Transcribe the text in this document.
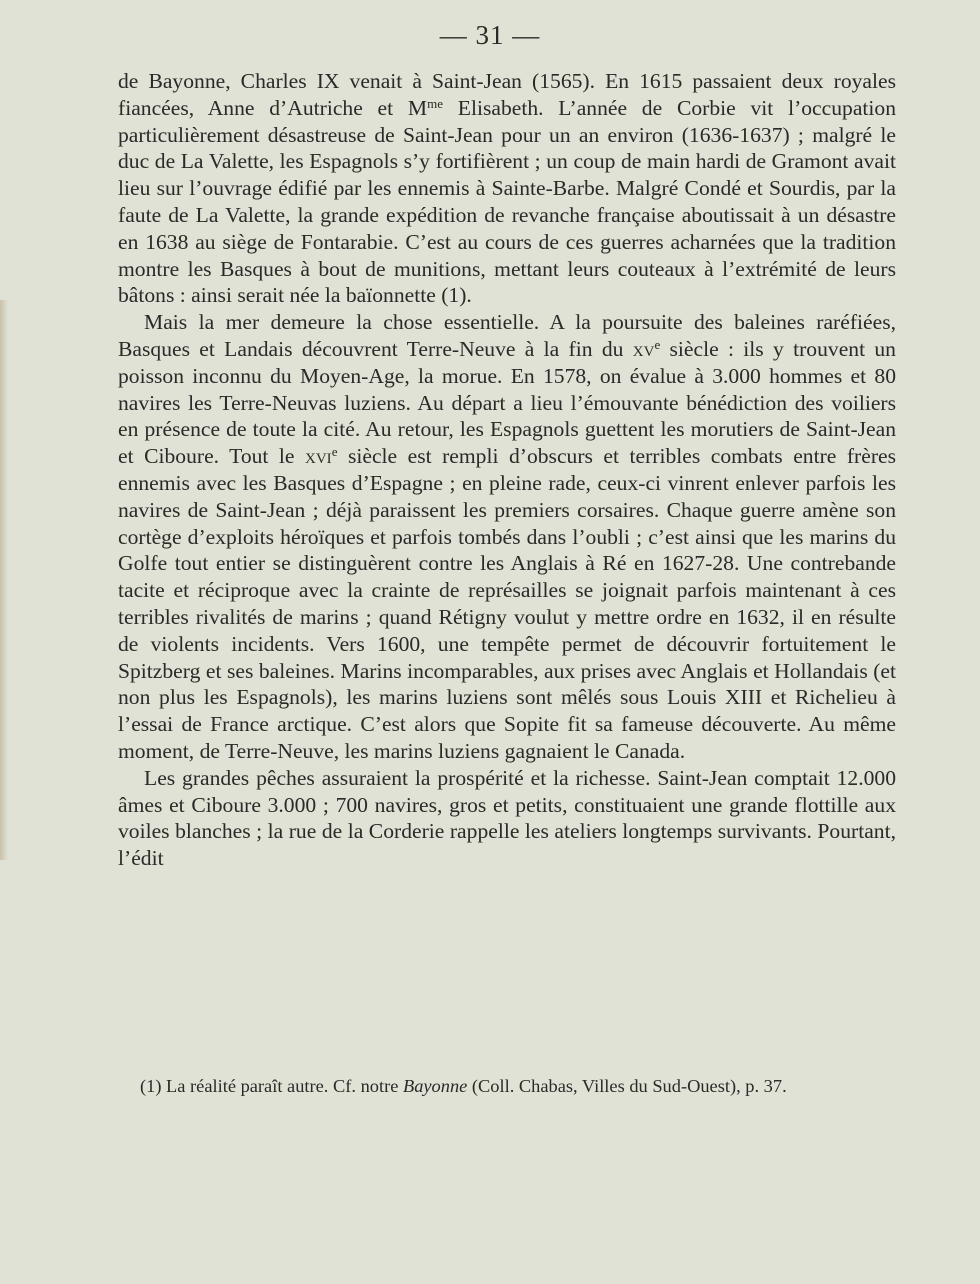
— 31 —

de Bayonne, Charles IX venait à Saint-Jean (1565). En 1615 passaient deux royales fiancées, Anne d’Autriche et $M^{me}$ Elisabeth. L’année de Corbie vit l’occupation particulièrement désastreuse de Saint-Jean pour un an environ (1636-1637) ; malgré le duc de La Valette, les Espagnols s’y fortifièrent ; un coup de main hardi de Gramont avait lieu sur l’ouvrage édifié par les ennemis à Sainte-Barbe. Malgré Condé et Sourdis, par la faute de La Valette, la grande expédition de revanche française aboutissait à un désastre en 1638 au siège de Fontarabie. C’est au cours de ces guerres acharnées que la tradition montre les Basques à bout de munitions, mettant leurs couteaux à l’extrémité de leurs bâtons : ainsi serait née la baïonnette (1).

Mais la mer demeure la chose essentielle. A la poursuite des baleines raréfiées, Basques et Landais découvrent Terre-Neuve à la fin du $xv^e$ siècle : ils y trouvent un poisson inconnu du Moyen-Age, la morue. En 1578, on évalue à 3.000 hommes et 80 navires les Terre-Neuvas luziens. Au départ a lieu l’émouvante bénédiction des voiliers en présence de toute la cité. Au retour, les Espagnols guettent les morutiers de Saint-Jean et Ciboure. Tout le xvi$^e$ siècle est rempli d’obscurs et terribles combats entre frères ennemis avec les Basques d’Espagne ; en pleine rade, ceux-ci vinrent enlever parfois les navires de Saint-Jean ; déjà paraissent les premiers corsaires. Chaque guerre amène son cortège d’exploits héroïques et parfois tombés dans l’oubli ; c’est ainsi que les marins du Golfe tout entier se distinguèrent contre les Anglais à Ré en 1627-28. Une contrebande tacite et réciproque avec la crainte de représailles se joignait parfois maintenant à ces terribles rivalités de marins ; quand Rétigny voulut y mettre ordre en 1632, il en résulte de violents incidents. Vers 1600, une tempête permet de découvrir fortuitement le Spitzberg et ses baleines. Marins incomparables, aux prises avec Anglais et Hollandais (et non plus les Espagnols), les marins luziens sont mêlés sous Louis XIII et Richelieu à l’essai de France arctique. C’est alors que Sopite fit sa fameuse découverte. Au même moment, de Terre-Neuve, les marins luziens gagnaient le Canada.

Les grandes pêches assuraient la prospérité et la richesse. Saint-Jean comptait 12.000 âmes et Ciboure 3.000 ; 700 navires, gros et petits, constituaient une grande flottille aux voiles blanches ; la rue de la Corderie rappelle les ateliers longtemps survivants. Pourtant, l’édit

(1) La réalité paraît autre. Cf. notre Bayonne (Coll. Chabas, Villes du Sud-Ouest), p. 37.
